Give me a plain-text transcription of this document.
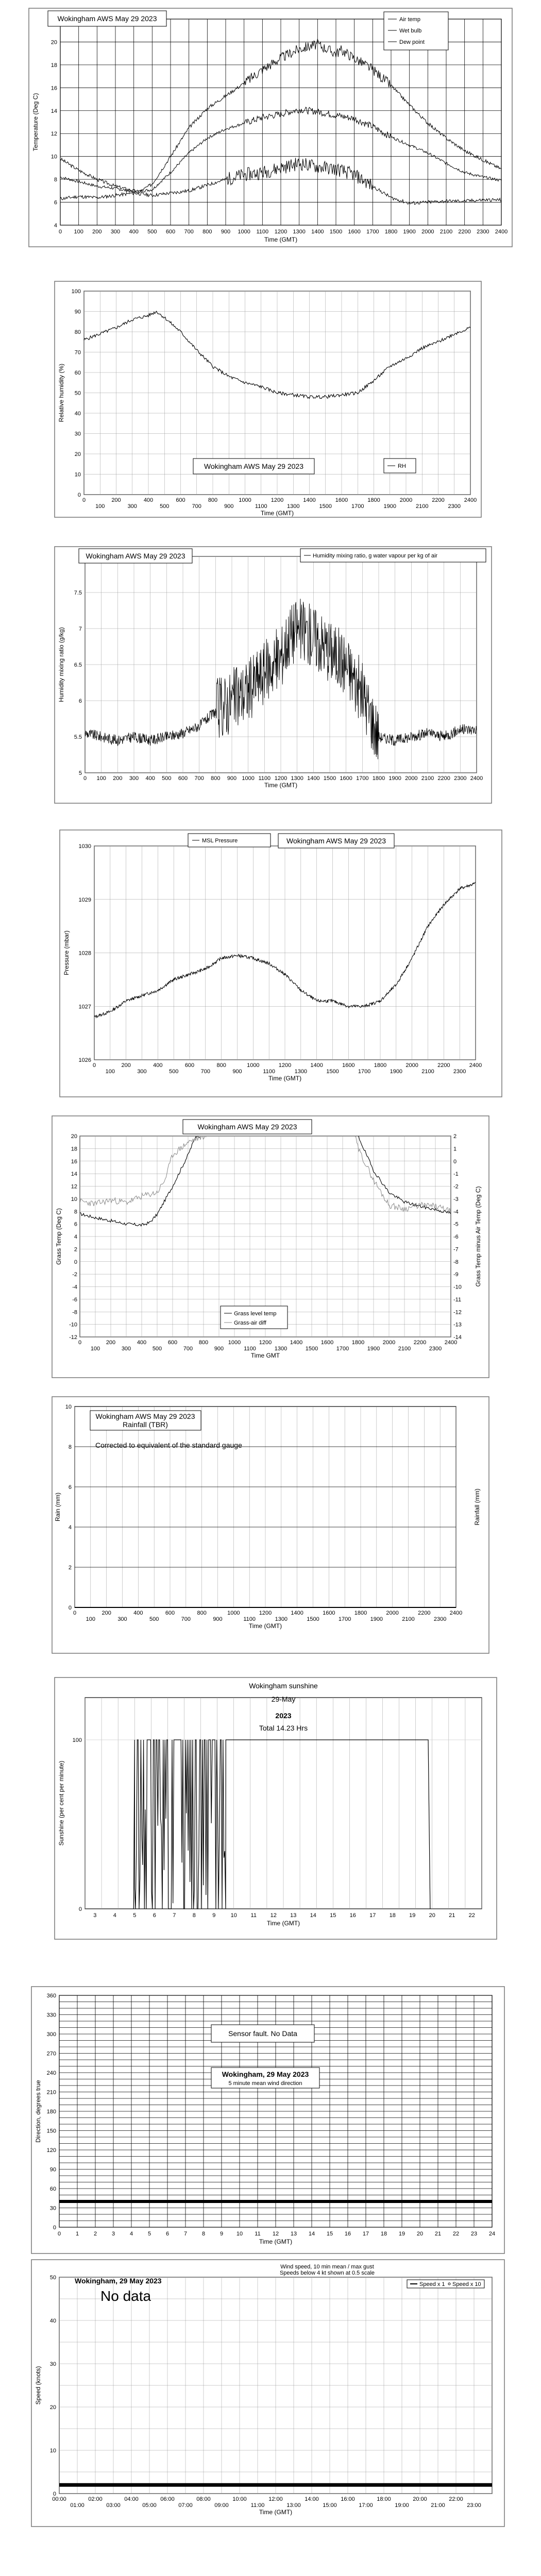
4
6
8
10
12
14
16
18
20
0 100 200 300 400 500 600 700 800 900 1000 1100 1200 1300 1400 1500 1600 1700 1800 1900 2000 2100 2200 2300 2400
Time (GMT)
Temperature (Deg C)
Wokingham AWS May 29 2023	Air temp
Wet bulb
Dew point
0
10
20
30
40
50
60
70
80
90
100
0	200	400	600	800	1000	1200	1400	1600	1800	2000	2200	2400
100	300	500	700	900	1100	1300	1500	1700	1900	2100	2300
Time (GMT)
Relative humidity (%)
Wokingham AWS May 29 2023	RH
5
5.5
6
6.5
7
7.5
0 100 200 300 400 500 600 700 800 900 1000 1100 1200 1300 1400 1500 1600 1700 1800 1900 2000 2100 2200 2300 2400
Time (GMT)
Humidity mixing ratio (g/kg)
Wokingham AWS May 29 2023	Humidity mixing ratio, g water vapour per kg of air
1026
1027
1028
1029
1030
0	200	400	600	800	1000	1200	1400	1600	1800	2000	2200	2400
100	300	500	700	900	1100	1300	1500	1700	1900	2100	2300
Time (GMT)
Pressure (mbar)
MSL Pressure	Wokingham AWS May 29 2023
20
18
16
14
12
10
8
6
4
2
0
-2
-4
-6
-8
-10
-12
2
1
0
-1
-2
-3
-4
-5
-6
-7
-8
-9
-10
-11
-12
-13
-14
0	200	400	600	800	1000	1200	1400	1600	1800	2000	2200	2400
100	300	500	700	900	1100	1300	1500	1700	1900	2100	2300
Time GMT
Grass Temp (Deg C)	Grass Temp minus Air Temp (Deg C)
Wokingham AWS May 29 2023
Grass level temp
Grass-air diff
0
2
4
6
8
10
0	200	400	600	800	1000	1200	1400	1600	1800	2000	2200	2400
100	300	500	700	900	1100	1300	1500	1700	1900	2100	2300
Time (GMT)
Rain (mm)	Rainfall (mm)
Wokingham AWS May 29 2023
Rainfall (TBR)
Corrected to equivalent of the standard gauge
0
100
3	4	5	6	7	8	9	10 11 12 13 14 15 16 17 18 19 20 21 22
Time (GMT)
Sunshine (per cent per minute)
Wokingham sunshine
29-May
2023
Total 14.23 Hrs
0
30
60
90
120
150
180
210
240
270
300
330
360
0	1	2	3	4	5	6	7	8	9 10 11 12 13 14 15 16 17 18 19 20 21 22 23 24
Time (GMT)
Direction, degrees true
Sensor fault. No Data
Wokingham, 29 May 2023
5 minute mean wind direction
0
10
20
30
40
50
00:00	02:00	04:00	06:00	08:00	10:00	12:00	14:00	16:00	18:00	20:00	22:00
01:00	03:00	05:00	07:00	09:00	11:00	13:00	15:00	17:00	19:00	21:00	23:00
Time (GMT)
Speed (knots)
Wokingham, 29 May 2023
No data
Wind speed, 10 min mean / max gust
Speeds below 4 kt shown at 0.5 scale
Speed x 1 Speed x 10
